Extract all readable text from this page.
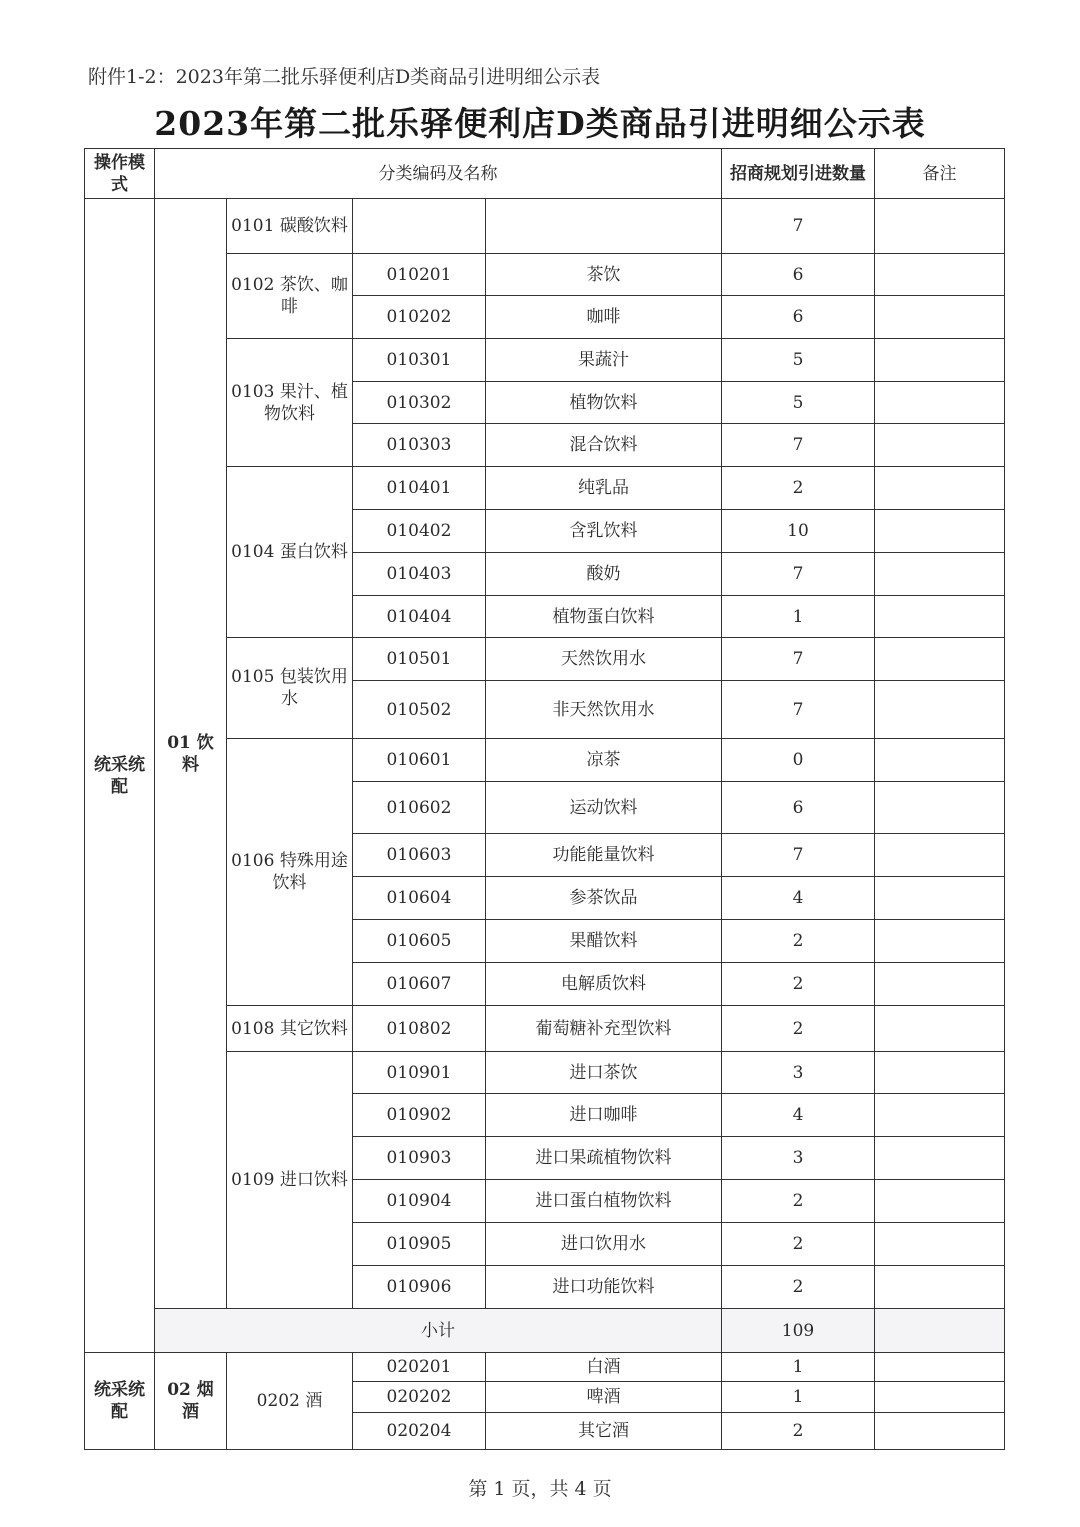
附件1-2：2023年第二批乐驿便利店D类商品引进明细公示表
2023年第二批乐驿便利店D类商品引进明细公示表
操作模式	分类编码及名称				招商规划引进数量	备注
统采统配	01 饮料	0101 碳酸饮料			7	
		0102 茶饮、咖啡	010201	茶饮	6	
			010202	咖啡	6	
		0103 果汁、植物饮料	010301	果蔬汁	5	
			010302	植物饮料	5	
			010303	混合饮料	7	
		0104 蛋白饮料	010401	纯乳品	2	
			010402	含乳饮料	10	
			010403	酸奶	7	
			010404	植物蛋白饮料	1	
		0105 包装饮用水	010501	天然饮用水	7	
			010502	非天然饮用水	7	
		0106 特殊用途饮料	010601	凉茶	0	
			010602	运动饮料	6	
			010603	功能能量饮料	7	
			010604	参茶饮品	4	
			010605	果醋饮料	2	
			010607	电解质饮料	2	
		0108 其它饮料	010802	葡萄糖补充型饮料	2	
		0109 进口饮料	010901	进口茶饮	3	
			010902	进口咖啡	4	
			010903	进口果疏植物饮料	3	
			010904	进口蛋白植物饮料	2	
			010905	进口饮用水	2	
			010906	进口功能饮料	2	
	小计				109	
统采统配	02 烟酒	0202 酒	020201	白酒	1	
			020202	啤酒	1	
			020204	其它酒	2	
第 1 页，共 4 页
